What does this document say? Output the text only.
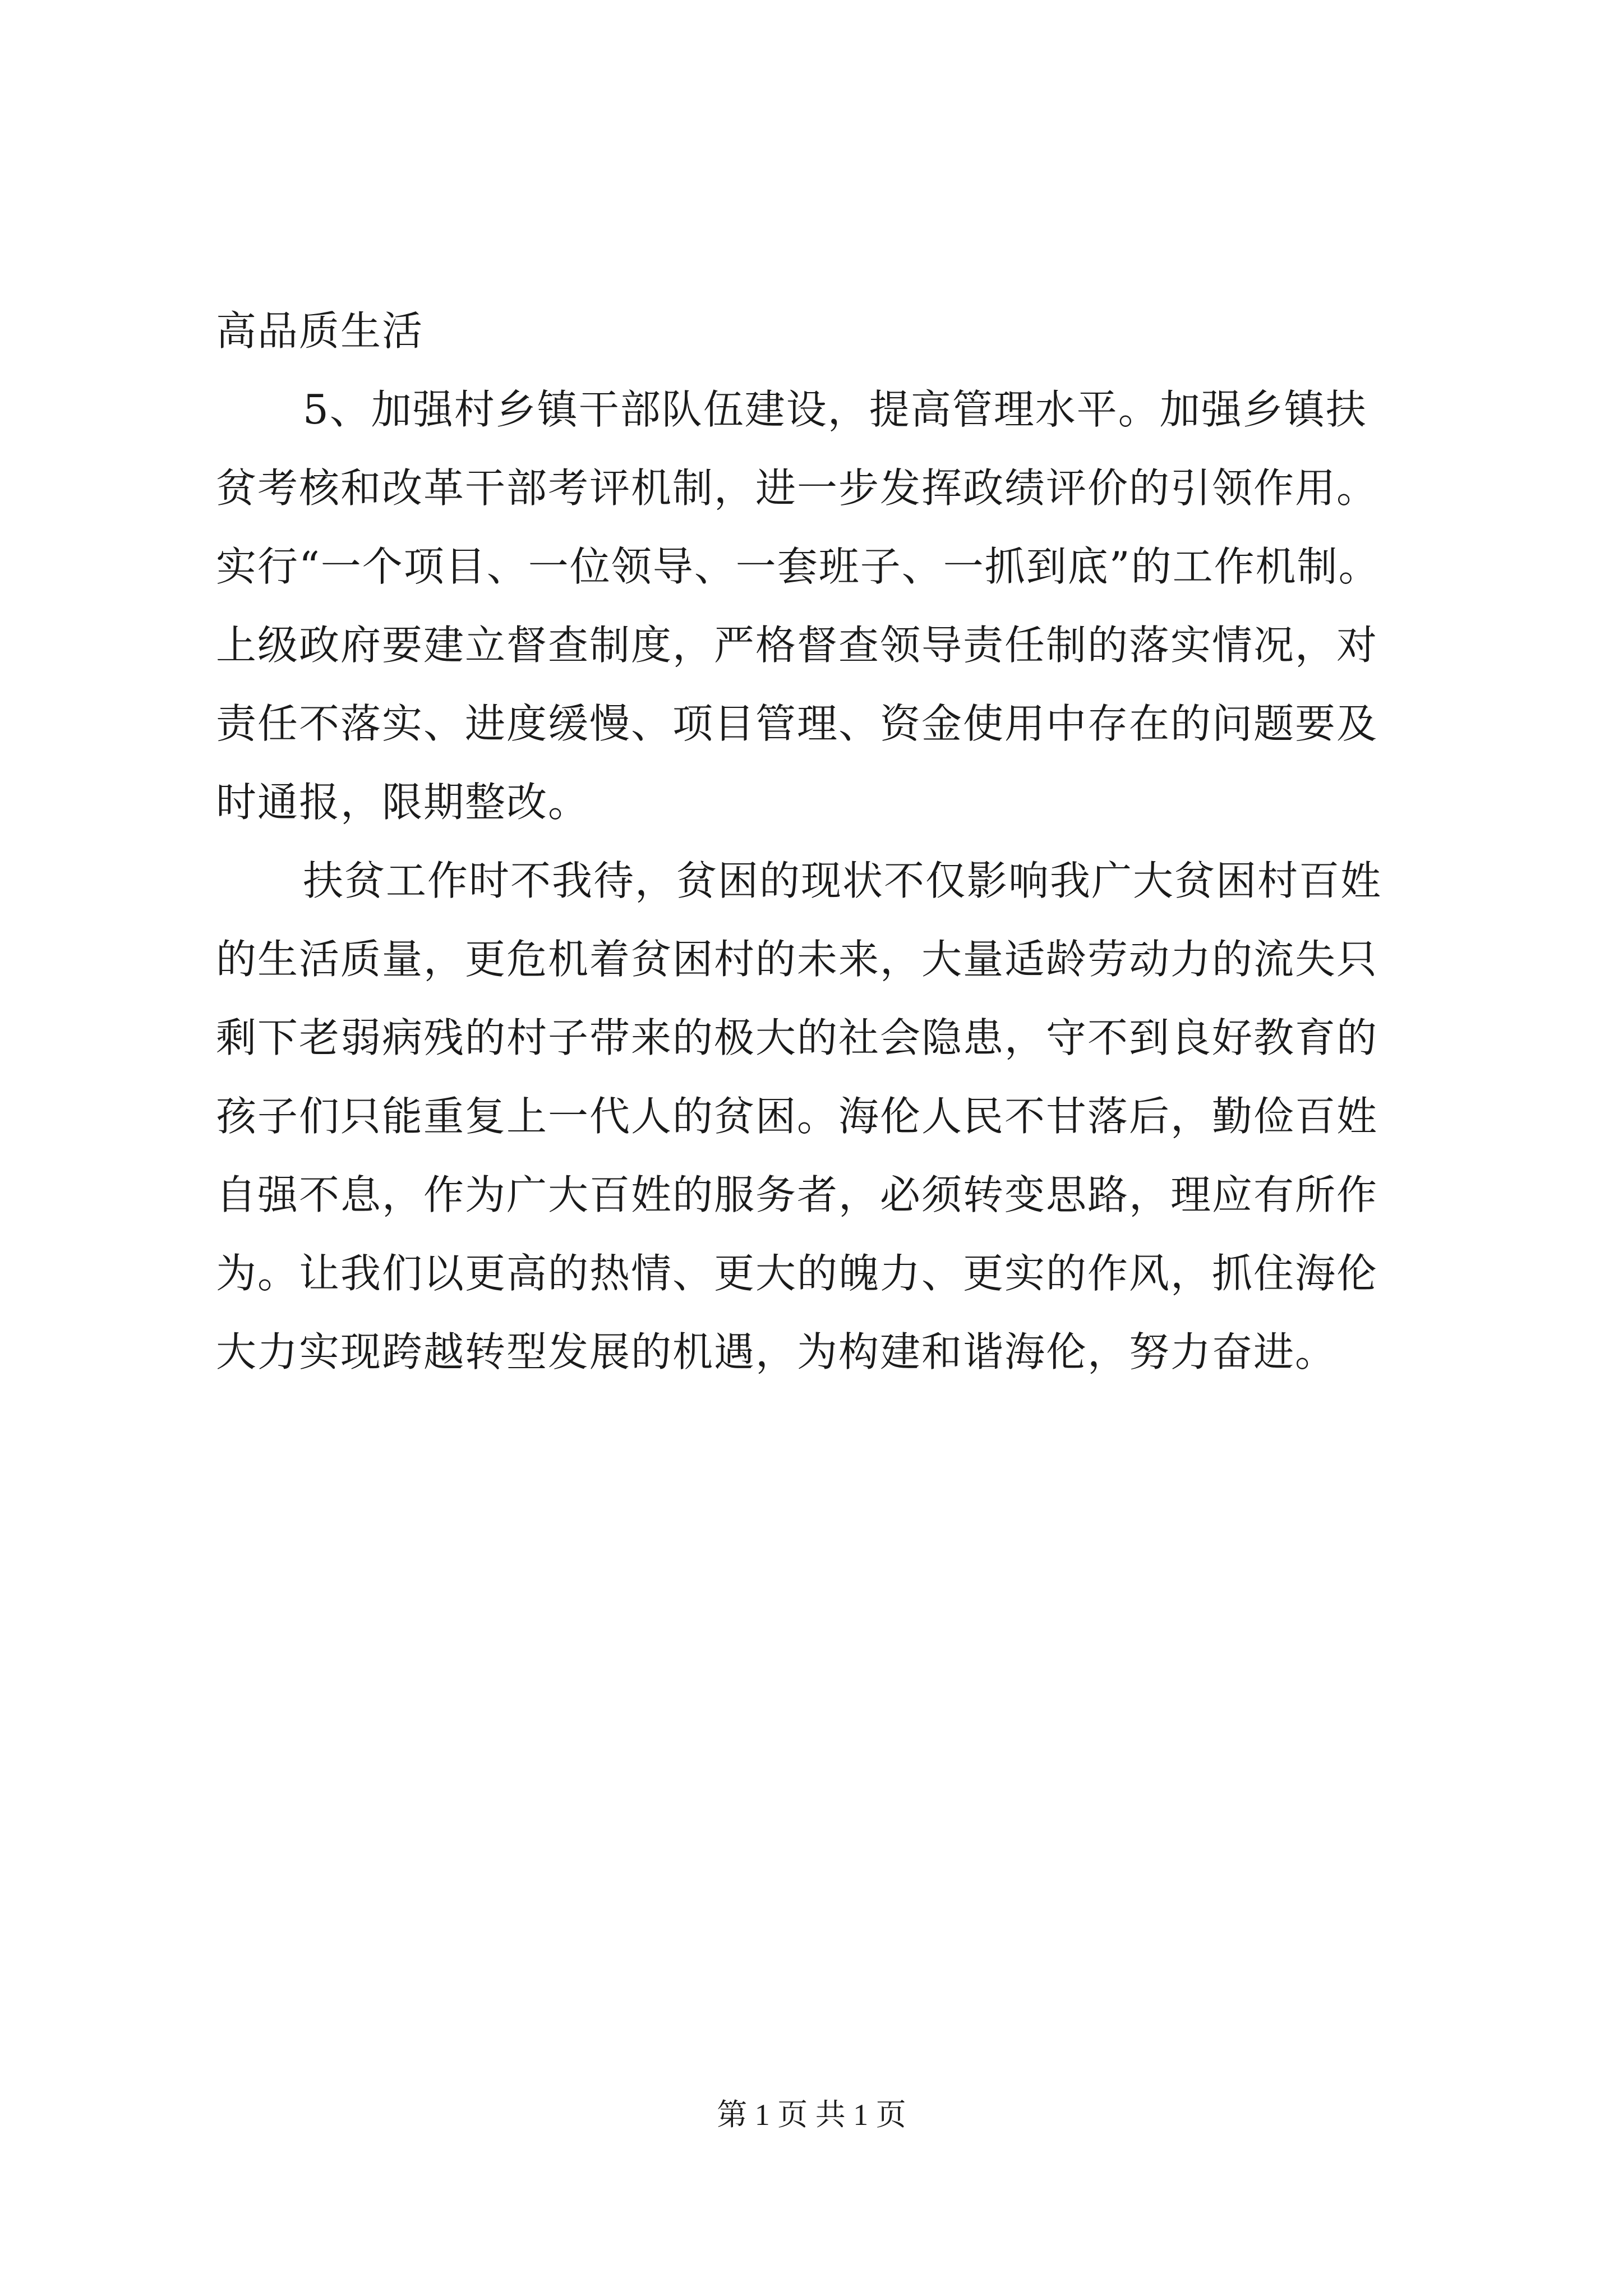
高品质生活
5、加强村乡镇干部队伍建设，提高管理水平。加强乡镇扶
贫考核和改革干部考评机制，进一步发挥政绩评价的引领作用。
实行“一个项目、一位领导、一套班子、一抓到底”的工作机制。
上级政府要建立督查制度，严格督查领导责任制的落实情况，对
责任不落实、进度缓慢、项目管理、资金使用中存在的问题要及
时通报，限期整改。
扶贫工作时不我待，贫困的现状不仅影响我广大贫困村百姓
的生活质量，更危机着贫困村的未来，大量适龄劳动力的流失只
剩下老弱病残的村子带来的极大的社会隐患，守不到良好教育的
孩子们只能重复上一代人的贫困。海伦人民不甘落后，勤俭百姓
自强不息，作为广大百姓的服务者，必须转变思路，理应有所作
为。让我们以更高的热情、更大的魄力、更实的作风，抓住海伦
大力实现跨越转型发展的机遇，为构建和谐海伦，努力奋进。
第 1 页 共 1 页
